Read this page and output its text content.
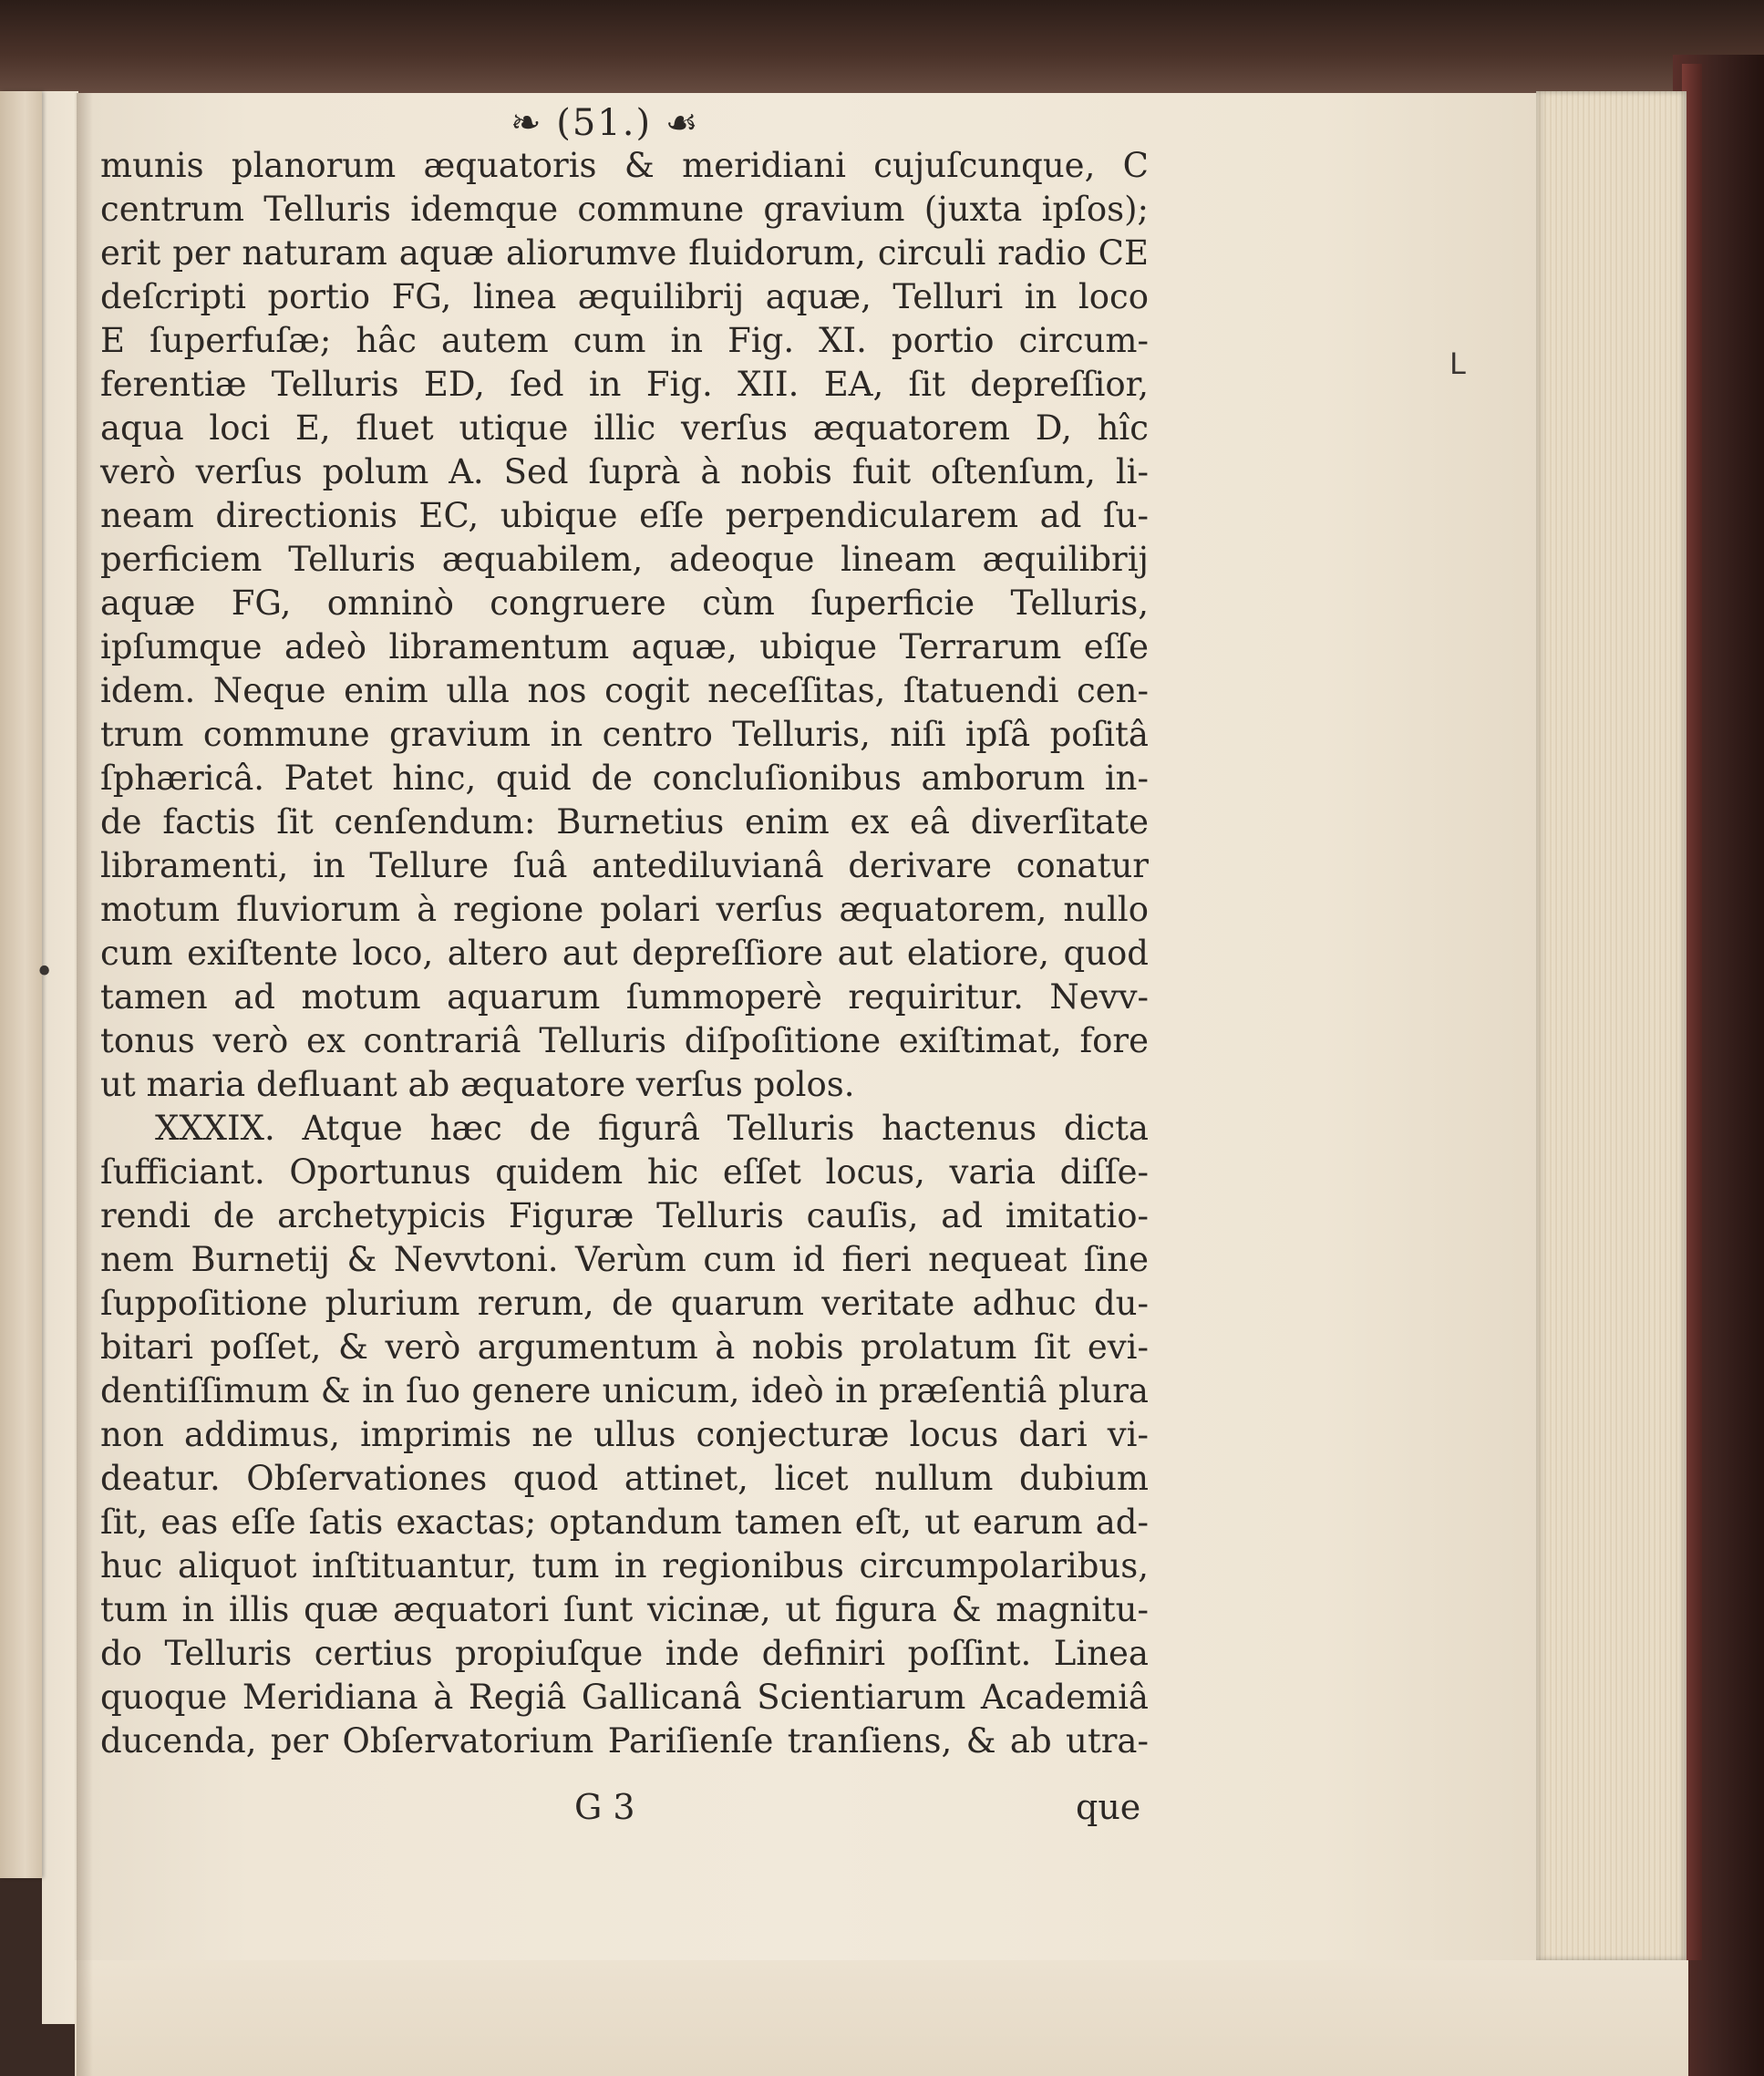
❧ (51.) ☙
•
ᒪ
munis planorum æquatoris & meridiani cujuſcunque, C
centrum Telluris idemque commune gravium (juxta ipſos);
erit per naturam aquæ aliorumve fluidorum, circuli radio CE
deſcripti portio FG, linea æquilibrij aquæ, Telluri in loco
E ſuperfuſæ; hâc autem cum in Fig. XI. portio circum-
ferentiæ Telluris ED, ſed in Fig. XII. EA, ſit depreſſior,
aqua loci E, fluet utique illic verſus æquatorem D, hîc
verò verſus polum A. Sed ſuprà à nobis fuit oſtenſum, li-
neam directionis EC, ubique eſſe perpendicularem ad ſu-
perficiem Telluris æquabilem, adeoque lineam æquilibrij
aquæ FG, omninò congruere cùm ſuperficie Telluris,
ipſumque adeò libramentum aquæ, ubique Terrarum eſſe
idem. Neque enim ulla nos cogit neceſſitas, ſtatuendi cen-
trum commune gravium in centro Telluris, niſi ipſâ poſitâ
ſphæricâ. Patet hinc, quid de concluſionibus amborum in-
de factis ſit cenſendum: Burnetius enim ex eâ diverſitate
libramenti, in Tellure ſuâ antediluvianâ derivare conatur
motum fluviorum à regione polari verſus æquatorem, nullo
cum exiſtente loco, altero aut depreſſiore aut elatiore, quod
tamen ad motum aquarum ſummoperè requiritur. Nevv-
tonus verò ex contrariâ Telluris diſpoſitione exiſtimat, fore
ut maria defluant ab æquatore verſus polos.
XXXIX. Atque hæc de figurâ Telluris hactenus dicta
ſufficiant. Oportunus quidem hic eſſet locus, varia diſſe-
rendi de archetypicis Figuræ Telluris cauſis, ad imitatio-
nem Burnetij & Nevvtoni. Verùm cum id fieri nequeat ſine
ſuppoſitione plurium rerum, de quarum veritate adhuc du-
bitari poſſet, & verò argumentum à nobis prolatum ſit evi-
dentiſſimum & in ſuo genere unicum, ideò in præſentiâ plura
non addimus, imprimis ne ullus conjecturæ locus dari vi-
deatur. Obſervationes quod attinet, licet nullum dubium
ſit, eas eſſe ſatis exactas; optandum tamen eſt, ut earum ad-
huc aliquot inſtituantur, tum in regionibus circumpolaribus,
tum in illis quæ æquatori ſunt vicinæ, ut figura & magnitu-
do Telluris certius propiuſque inde definiri poſſint. Linea
quoque Meridiana à Regiâ Gallicanâ Scientiarum Academiâ
ducenda, per Obſervatorium Pariſienſe tranſiens, & ab utra-
G 3	que
